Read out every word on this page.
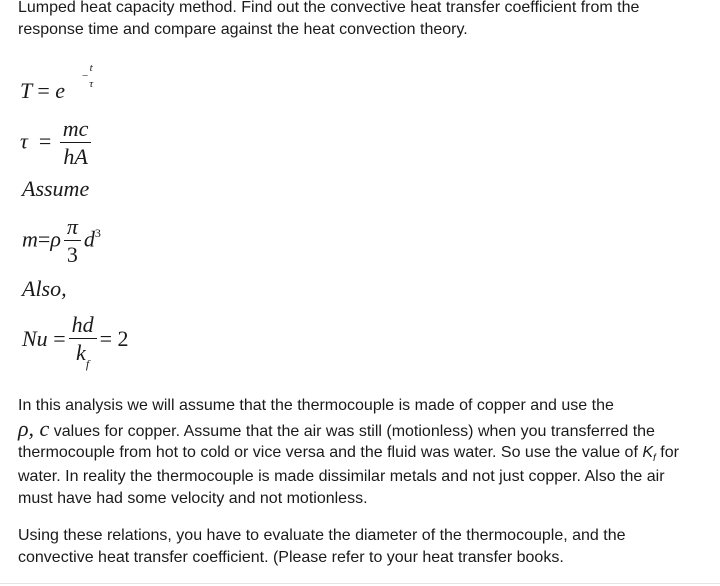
Lumped heat capacity method. Find out the convective heat transfer coefficient from the
response time and compare against the heat convection theory.
T = e
−
t
τ
$\tau = \frac{mc}{hA}$
Assume
$m=\rho \frac{\pi}{3} d^3$
Also,
$Nu = \frac{hd}{k_f} = 2$
In this analysis we will assume that the thermocouple is made of copper and use the
ρ, c values for copper. Assume that the air was still (motionless) when you transferred the
thermocouple from hot to cold or vice versa and the fluid was water. So use the value of $K_f$ for
water. In reality the thermocouple is made dissimilar metals and not just copper. Also the air
must have had some velocity and not motionless.
Using these relations, you have to evaluate the diameter of the thermocouple, and the
convective heat transfer coefficient. (Please refer to your heat transfer books.
